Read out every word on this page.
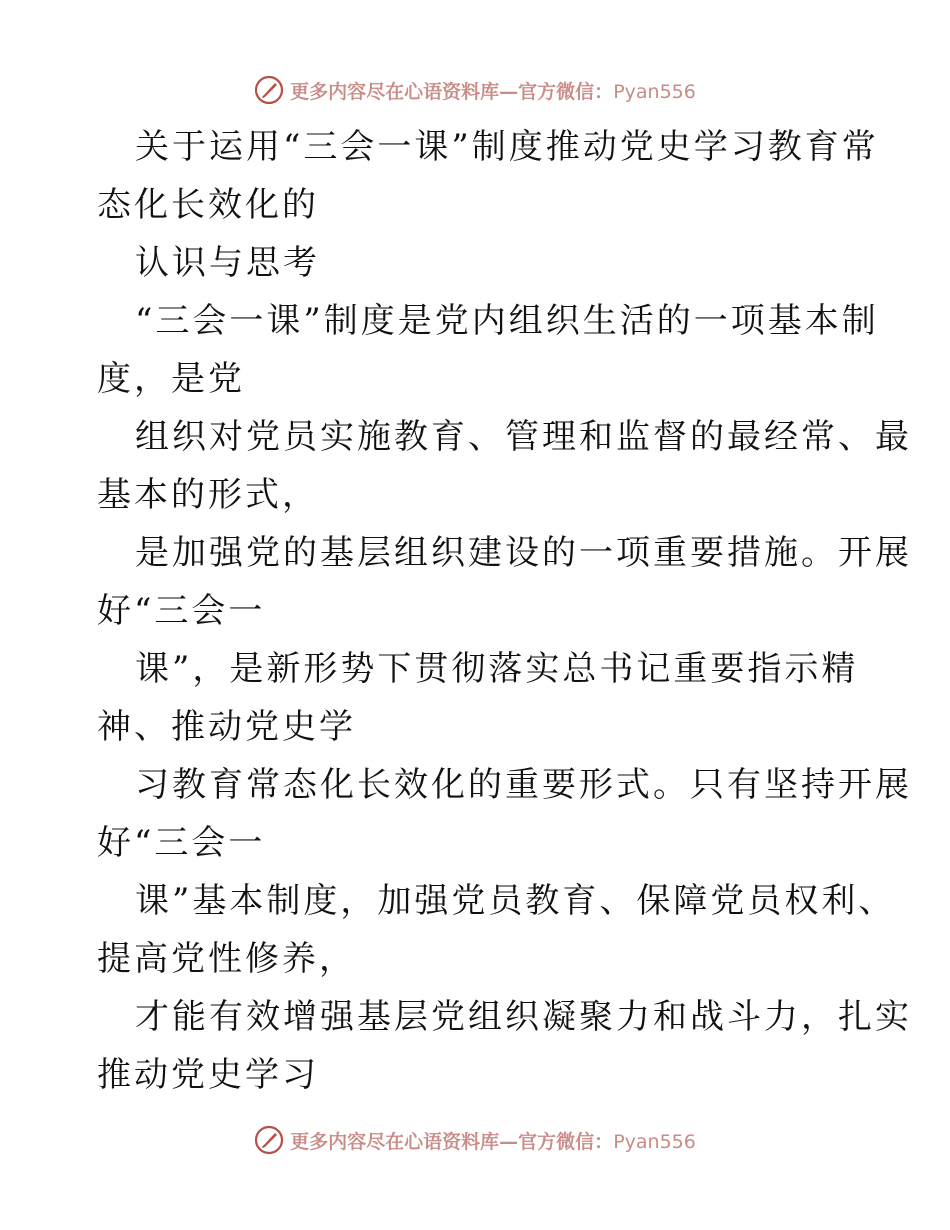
更多内容尽在心语资料库—官方微信：Pyan556
关于运用“三会一课”制度推动党史学习教育常
态化长效化的
认识与思考
“三会一课”制度是党内组织生活的一项基本制
度，是党
组织对党员实施教育、管理和监督的最经常、最
基本的形式，
是加强党的基层组织建设的一项重要措施。开展
好“三会一
课”，是新形势下贯彻落实总书记重要指示精
神、推动党史学
习教育常态化长效化的重要形式。只有坚持开展
好“三会一
课”基本制度，加强党员教育、保障党员权利、
提高党性修养，
才能有效增强基层党组织凝聚力和战斗力，扎实
推动党史学习
更多内容尽在心语资料库—官方微信：Pyan556
